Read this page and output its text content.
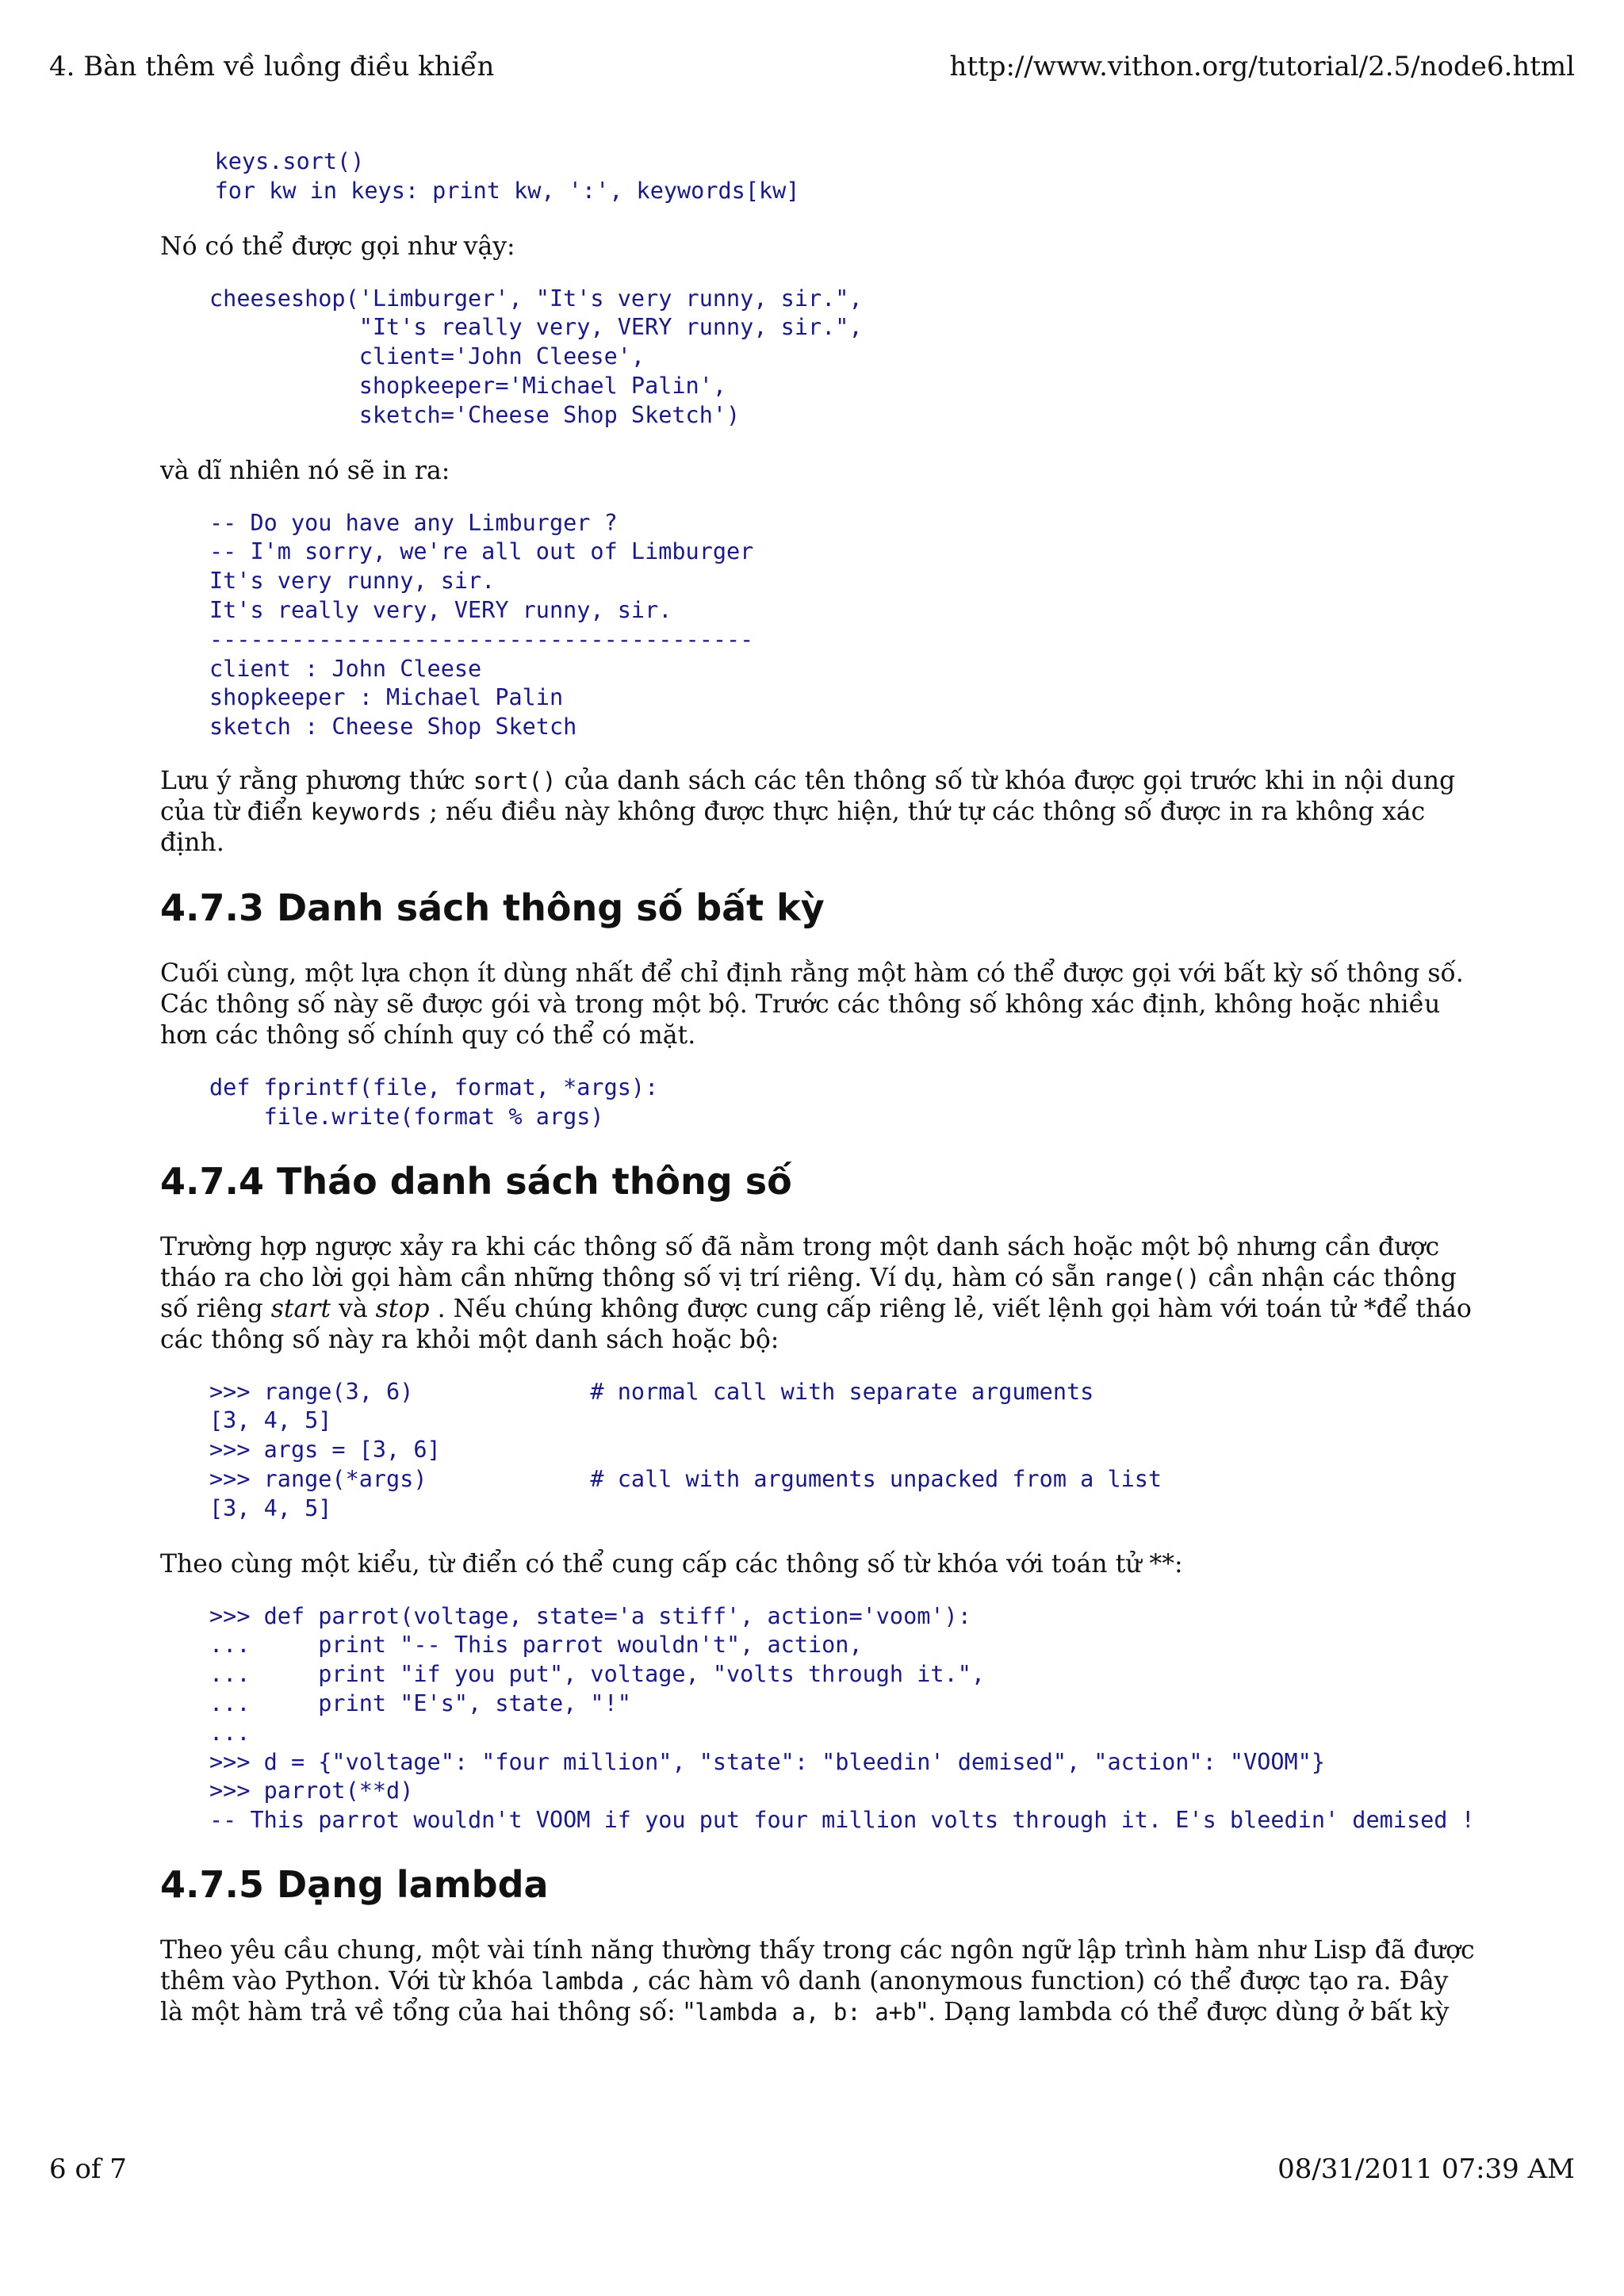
4. Bàn thêm về luồng điều khiển	http://www.vithon.org/tutorial/2.5/node6.html
keys.sort()
for kw in keys: print kw, ':', keywords[kw]

Nó có thể được gọi như vậy:

cheeseshop('Limburger', "It's very runny, sir.",
"It's really very, VERY runny, sir.",
client='John Cleese',
shopkeeper='Michael Palin',
sketch='Cheese Shop Sketch')

và dĩ nhiên nó sẽ in ra:

-- Do you have any Limburger ?
-- I'm sorry, we're all out of Limburger
It's very runny, sir.
It's really very, VERY runny, sir.
----------------------------------------
client : John Cleese
shopkeeper : Michael Palin
sketch : Cheese Shop Sketch

Lưu ý rằng phương thức sort() của danh sách các tên thông số từ khóa được gọi trước khi in nội dung của từ điển keywords ; nếu điều này không được thực hiện, thứ tự các thông số được in ra không xác định.

4.7.3 Danh sách thông số bất kỳ

Cuối cùng, một lựa chọn ít dùng nhất để chỉ định rằng một hàm có thể được gọi với bất kỳ số thông số. Các thông số này sẽ được gói và trong một bộ. Trước các thông số không xác định, không hoặc nhiều hơn các thông số chính quy có thể có mặt.

def fprintf(file, format, *args):
file.write(format % args)
4.7.4 Tháo danh sách thông số

Trường hợp ngược xảy ra khi các thông số đã nằm trong một danh sách hoặc một bộ nhưng cần được tháo ra cho lời gọi hàm cần những thông số vị trí riêng. Ví dụ, hàm có sẵn range() cần nhận các thông số riêng start và stop . Nếu chúng không được cung cấp riêng lẻ, viết lệnh gọi hàm với toán tử *để tháo các thông số này ra khỏi một danh sách hoặc bộ:

>>> range(3, 6)             # normal call with separate arguments
[3, 4, 5]
>>> args = [3, 6]
>>> range(*args)            # call with arguments unpacked from a list
[3, 4, 5]

Theo cùng một kiểu, từ điển có thể cung cấp các thông số từ khóa với toán tử **:

>>> def parrot(voltage, state='a stiff', action='voom'):
...     print "-- This parrot wouldn't", action,
...     print "if you put", voltage, "volts through it.",
...     print "E's", state, "!"
...
>>> d = {"voltage": "four million", "state": "bleedin' demised", "action": "VOOM"}
>>> parrot(**d)
-- This parrot wouldn't VOOM if you put four million volts through it. E's bleedin' demised !
4.7.5 Dạng lambda

Theo yêu cầu chung, một vài tính năng thường thấy trong các ngôn ngữ lập trình hàm như Lisp đã được thêm vào Python. Với từ khóa lambda , các hàm vô danh (anonymous function) có thể được tạo ra. Đây là một hàm trả về tổng của hai thông số: "lambda a, b: a+b". Dạng lambda có thể được dùng ở bất kỳ

6 of 7	08/31/2011 07:39 AM
